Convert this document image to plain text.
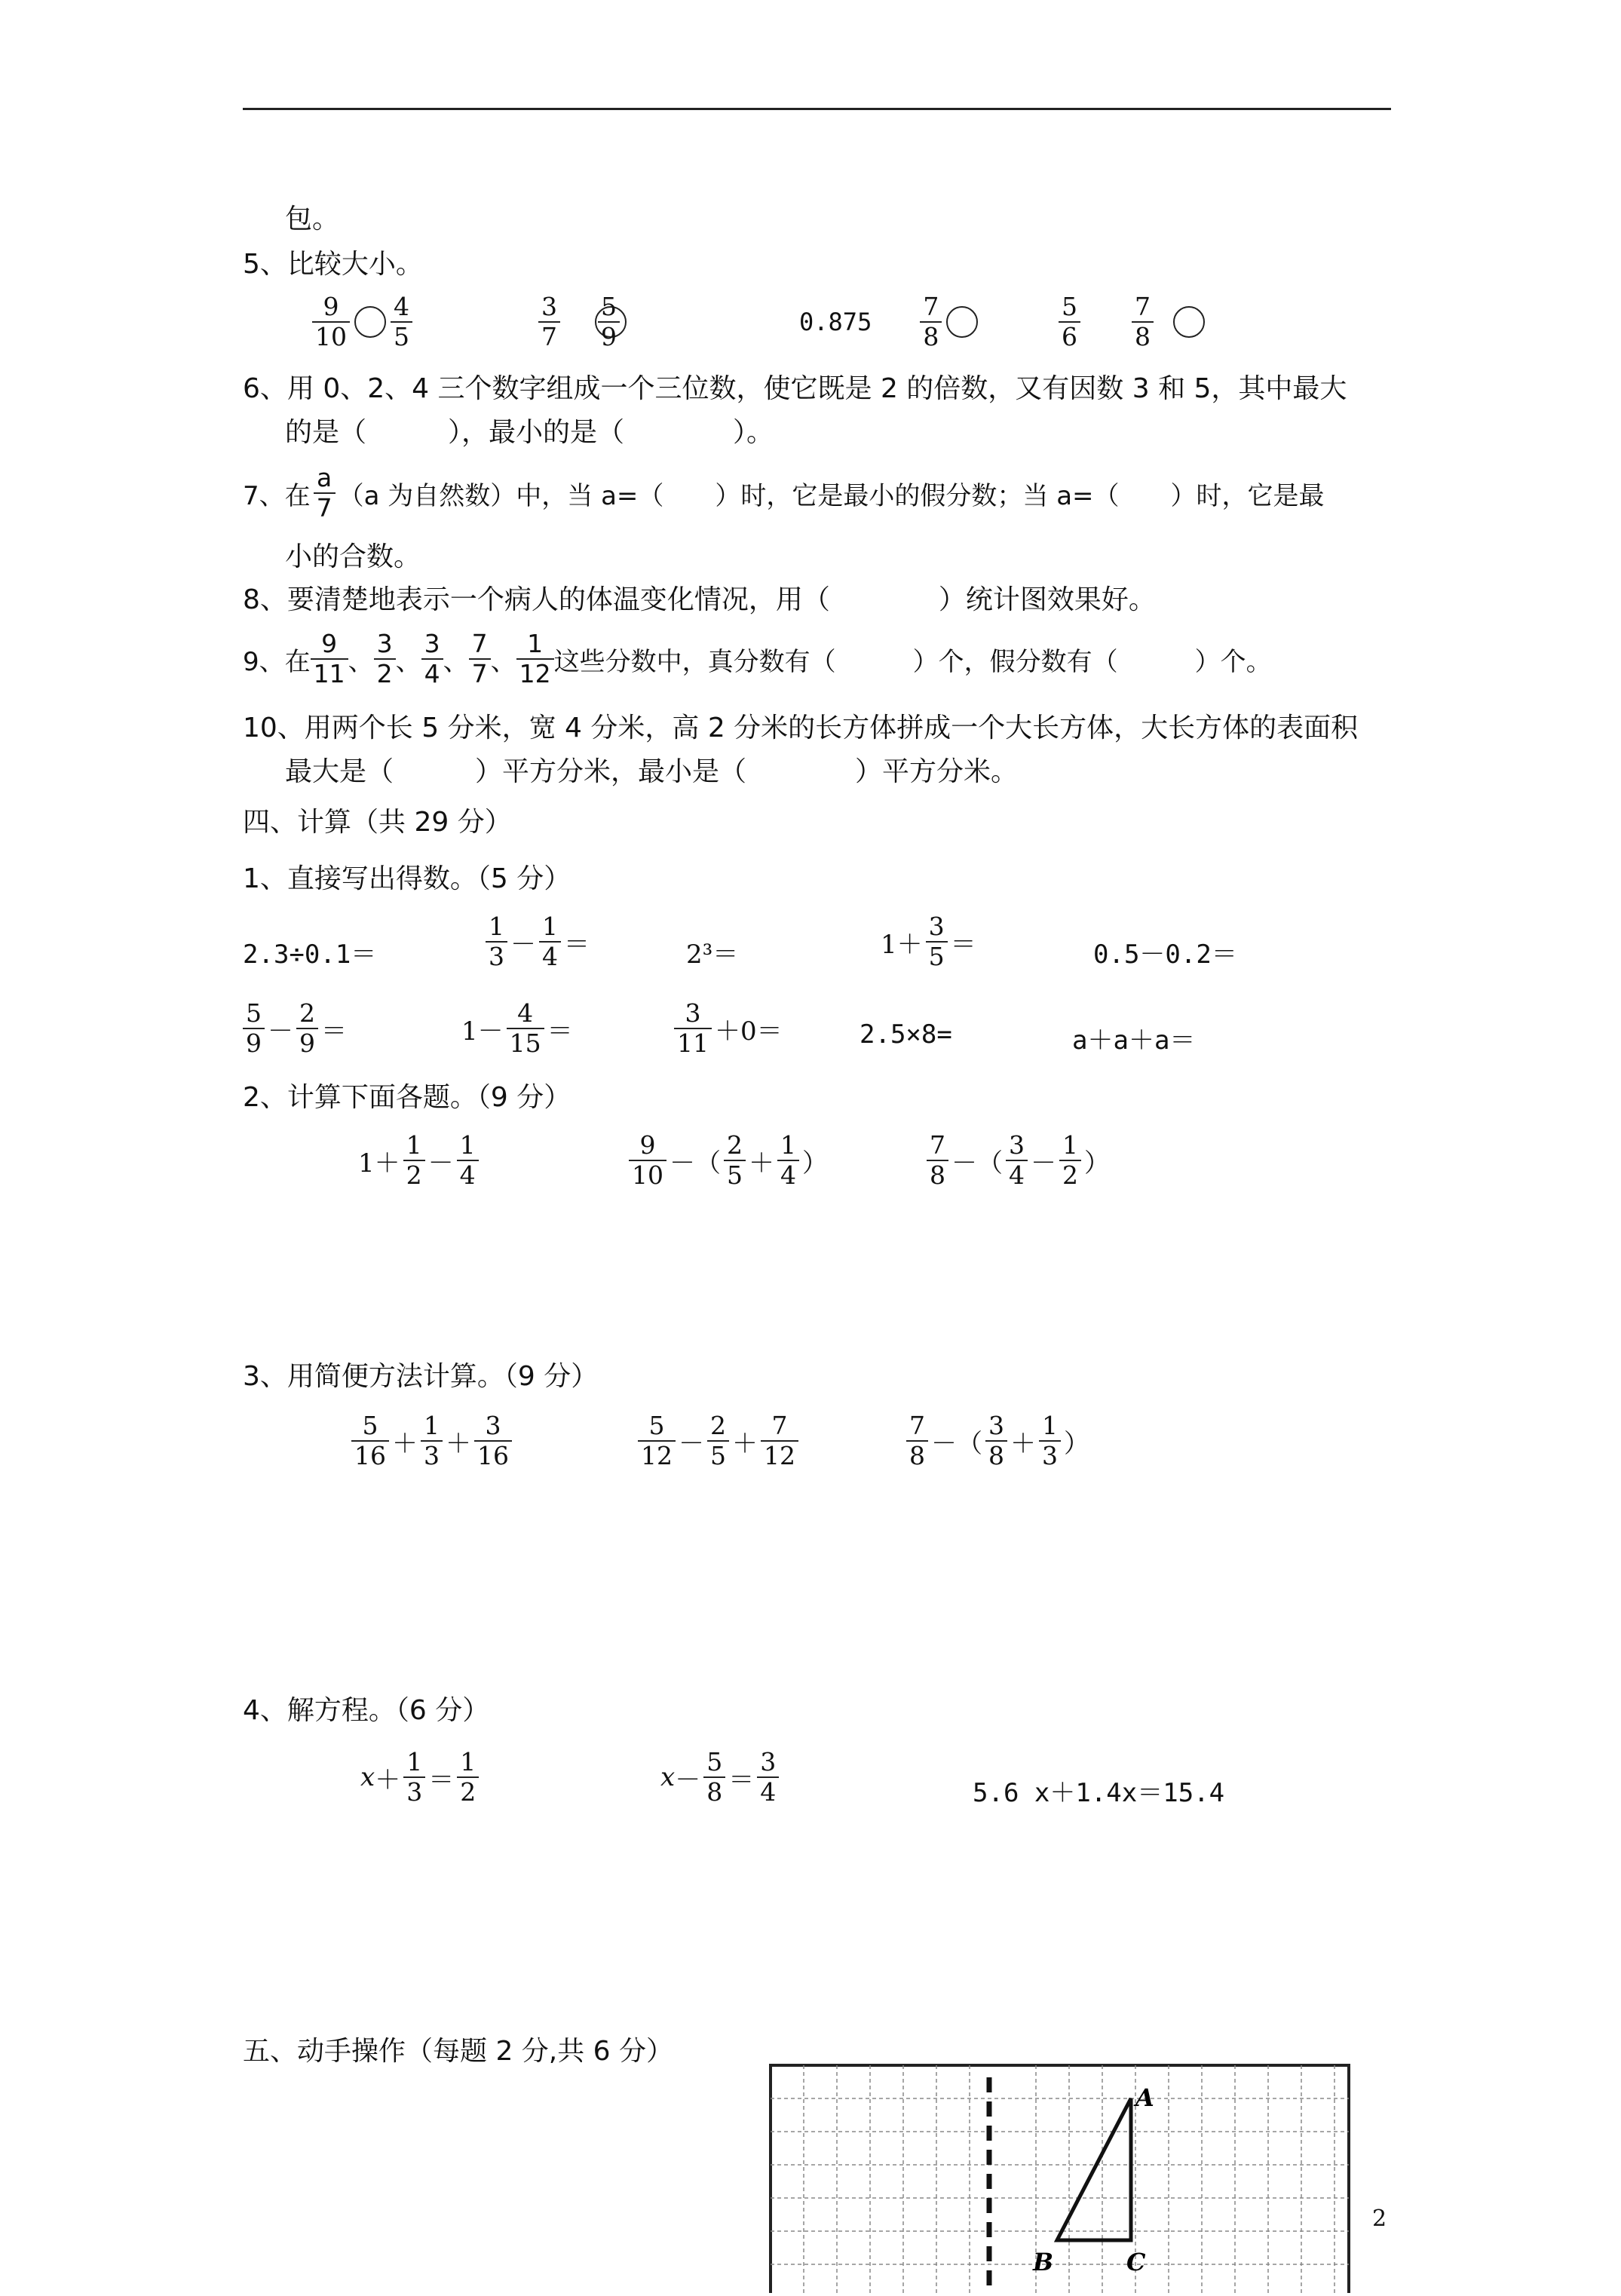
包。
5、比较大小。
$\frac{9}{10} \frac{4}{5}$	$\frac{3}{7} \frac{5}{9}$	$0.875 \frac{7}{8}$	$\frac{5}{6} \frac{7}{8}$
6、用 0、2、4 三个数字组成一个三位数，使它既是 2 的倍数，又有因数 3 和 5，其中最大
的是（　　　），最小的是（　　　　）。
7、在 $\frac{a}{7} (a$ 为自然数）中，当 a=（　　）时，它是最小的假分数；当 a=（　　）时，它是最
小的合数。
8、要清楚地表示一个病人的体温变化情况，用（　　　　）统计图效果好。
9、在 $\frac{9}{11}$ 、 $\frac{3}{2}$ 、 $\frac{3}{4}$ 、 $\frac{7}{7}$ 、 $\frac{1}{12}$ 这些分数中，真分数有（　　　）个，假分数有（　　　）个。
10、用两个长 5 分米，宽 4 分米，高 2 分米的长方体拼成一个大长方体，大长方体的表面积
最大是（　　　）平方分米，最小是（　　　　）平方分米。
四、计算（共 29 分）
1、直接写出得数。（5 分）
2.3÷0.1＝	$\frac{1}{3} - \frac{1}{4}$ ＝	2³＝	$1+ \frac{3}{5}$ ＝	0.5－0.2＝
$\frac{5}{9} - \frac{2}{9}$ ＝	$1- \frac{4}{15}$ ＝	$\frac{3}{11} +0=$	2.5×8=	a＋a＋a＝
2、计算下面各题。（9 分）
$1+ \frac{1}{2} - \frac{1}{4}$	$\frac{9}{10}$ －（ $\frac{2}{5} + \frac{1}{4}$ ）	$\frac{7}{8}$ －（ $\frac{3}{4} - \frac{1}{2}$ ）
3、用简便方法计算。（9 分）
$\frac{5}{16} + \frac{1}{3} + \frac{3}{16}$	$\frac{5}{12} - \frac{2}{5} + \frac{7}{12}$	$\frac{7}{8}$ －（ $\frac{3}{8} + \frac{1}{3}$ ）
4、解方程。（6 分）
$x + \frac{1}{3} = \frac{1}{2}$	$x - \frac{5}{8} = \frac{3}{4}$	5.6 x＋1.4x＝15.4
五、动手操作（每题 2 分,共 6 分）
A
B	C
2
